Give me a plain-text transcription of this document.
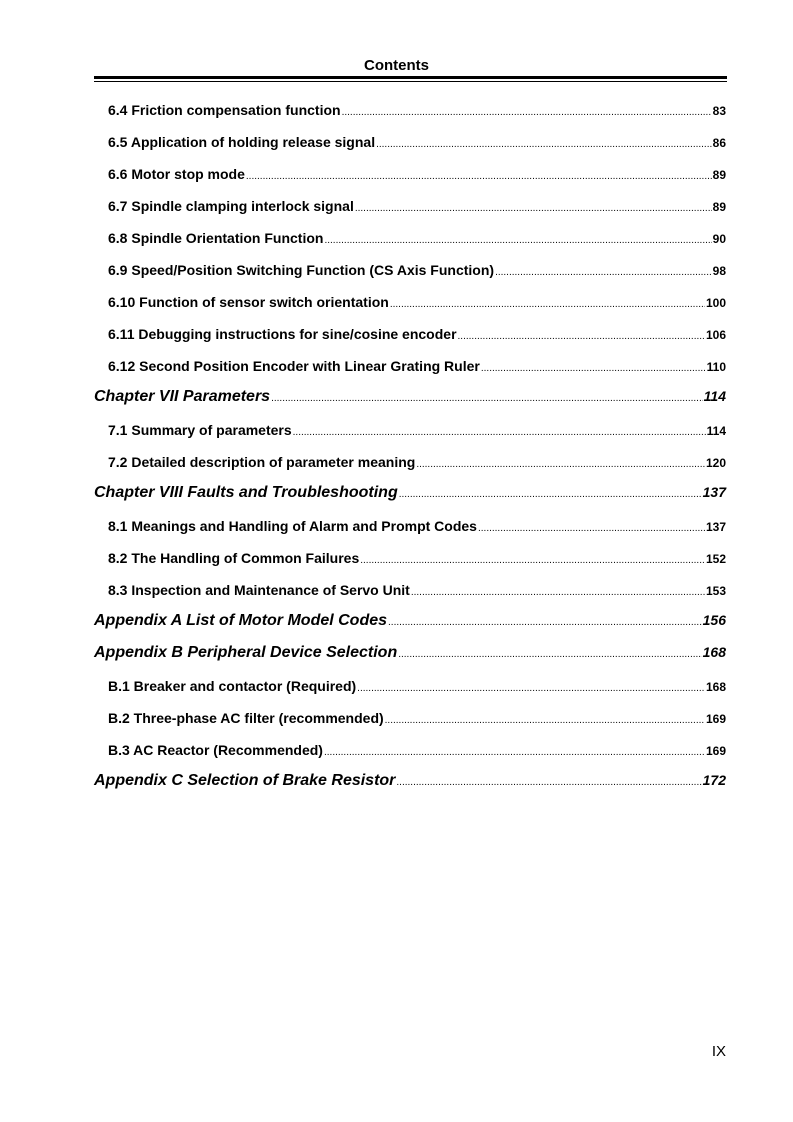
Contents
6.4 Friction compensation function .....	83
6.5 Application of holding release signal .....	86
6.6 Motor stop mode .....	89
6.7 Spindle clamping interlock signal .....	89
6.8 Spindle Orientation Function .....	90
6.9 Speed/Position Switching Function (CS Axis Function) .....	98
6.10 Function of sensor switch orientation .....	100
6.11 Debugging instructions for sine/cosine encoder .....	106
6.12 Second Position Encoder with Linear Grating Ruler .....	110
Chapter VII Parameters .....	114
7.1 Summary of parameters .....	114
7.2 Detailed description of parameter meaning .....	120
Chapter VIII Faults and Troubleshooting .....	137
8.1 Meanings and Handling of Alarm and Prompt Codes .....	137
8.2 The Handling of Common Failures .....	152
8.3 Inspection and Maintenance of Servo Unit .....	153
Appendix A List of Motor Model Codes .....	156
Appendix B Peripheral Device Selection .....	168
B.1 Breaker and contactor (Required) .....	168
B.2 Three-phase AC filter (recommended) .....	169
B.3 AC Reactor (Recommended) .....	169
Appendix C Selection of Brake Resistor .....	172
IX
